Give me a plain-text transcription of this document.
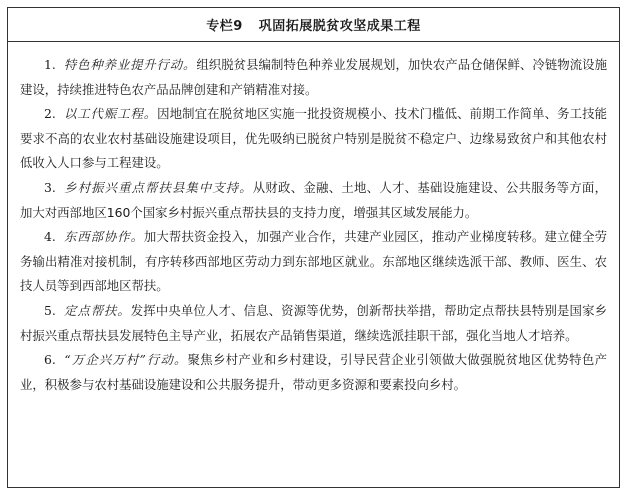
专栏9 巩固拓展脱贫攻坚成果工程

1. 特色种养业提升行动。组织脱贫县编制特色种养业发展规划，加快农产品仓储保鲜、冷链物流设施建设，持续推进特色农产品品牌创建和产销精准对接。

2. 以工代赈工程。因地制宜在脱贫地区实施一批投资规模小、技术门槛低、前期工作简单、务工技能要求不高的农业农村基础设施建设项目，优先吸纳已脱贫户特别是脱贫不稳定户、边缘易致贫户和其他农村低收入人口参与工程建设。

3. 乡村振兴重点帮扶县集中支持。从财政、金融、土地、人才、基础设施建设、公共服务等方面，加大对西部地区160个国家乡村振兴重点帮扶县的支持力度，增强其区域发展能力。

4. 东西部协作。加大帮扶资金投入，加强产业合作，共建产业园区，推动产业梯度转移。建立健全劳务输出精准对接机制，有序转移西部地区劳动力到东部地区就业。东部地区继续选派干部、教师、医生、农技人员等到西部地区帮扶。

5. 定点帮扶。发挥中央单位人才、信息、资源等优势，创新帮扶举措，帮助定点帮扶县特别是国家乡村振兴重点帮扶县发展特色主导产业，拓展农产品销售渠道，继续选派挂职干部，强化当地人才培养。

6. “万企兴万村”行动。聚焦乡村产业和乡村建设，引导民营企业引领做大做强脱贫地区优势特色产业，积极参与农村基础设施建设和公共服务提升，带动更多资源和要素投向乡村。
